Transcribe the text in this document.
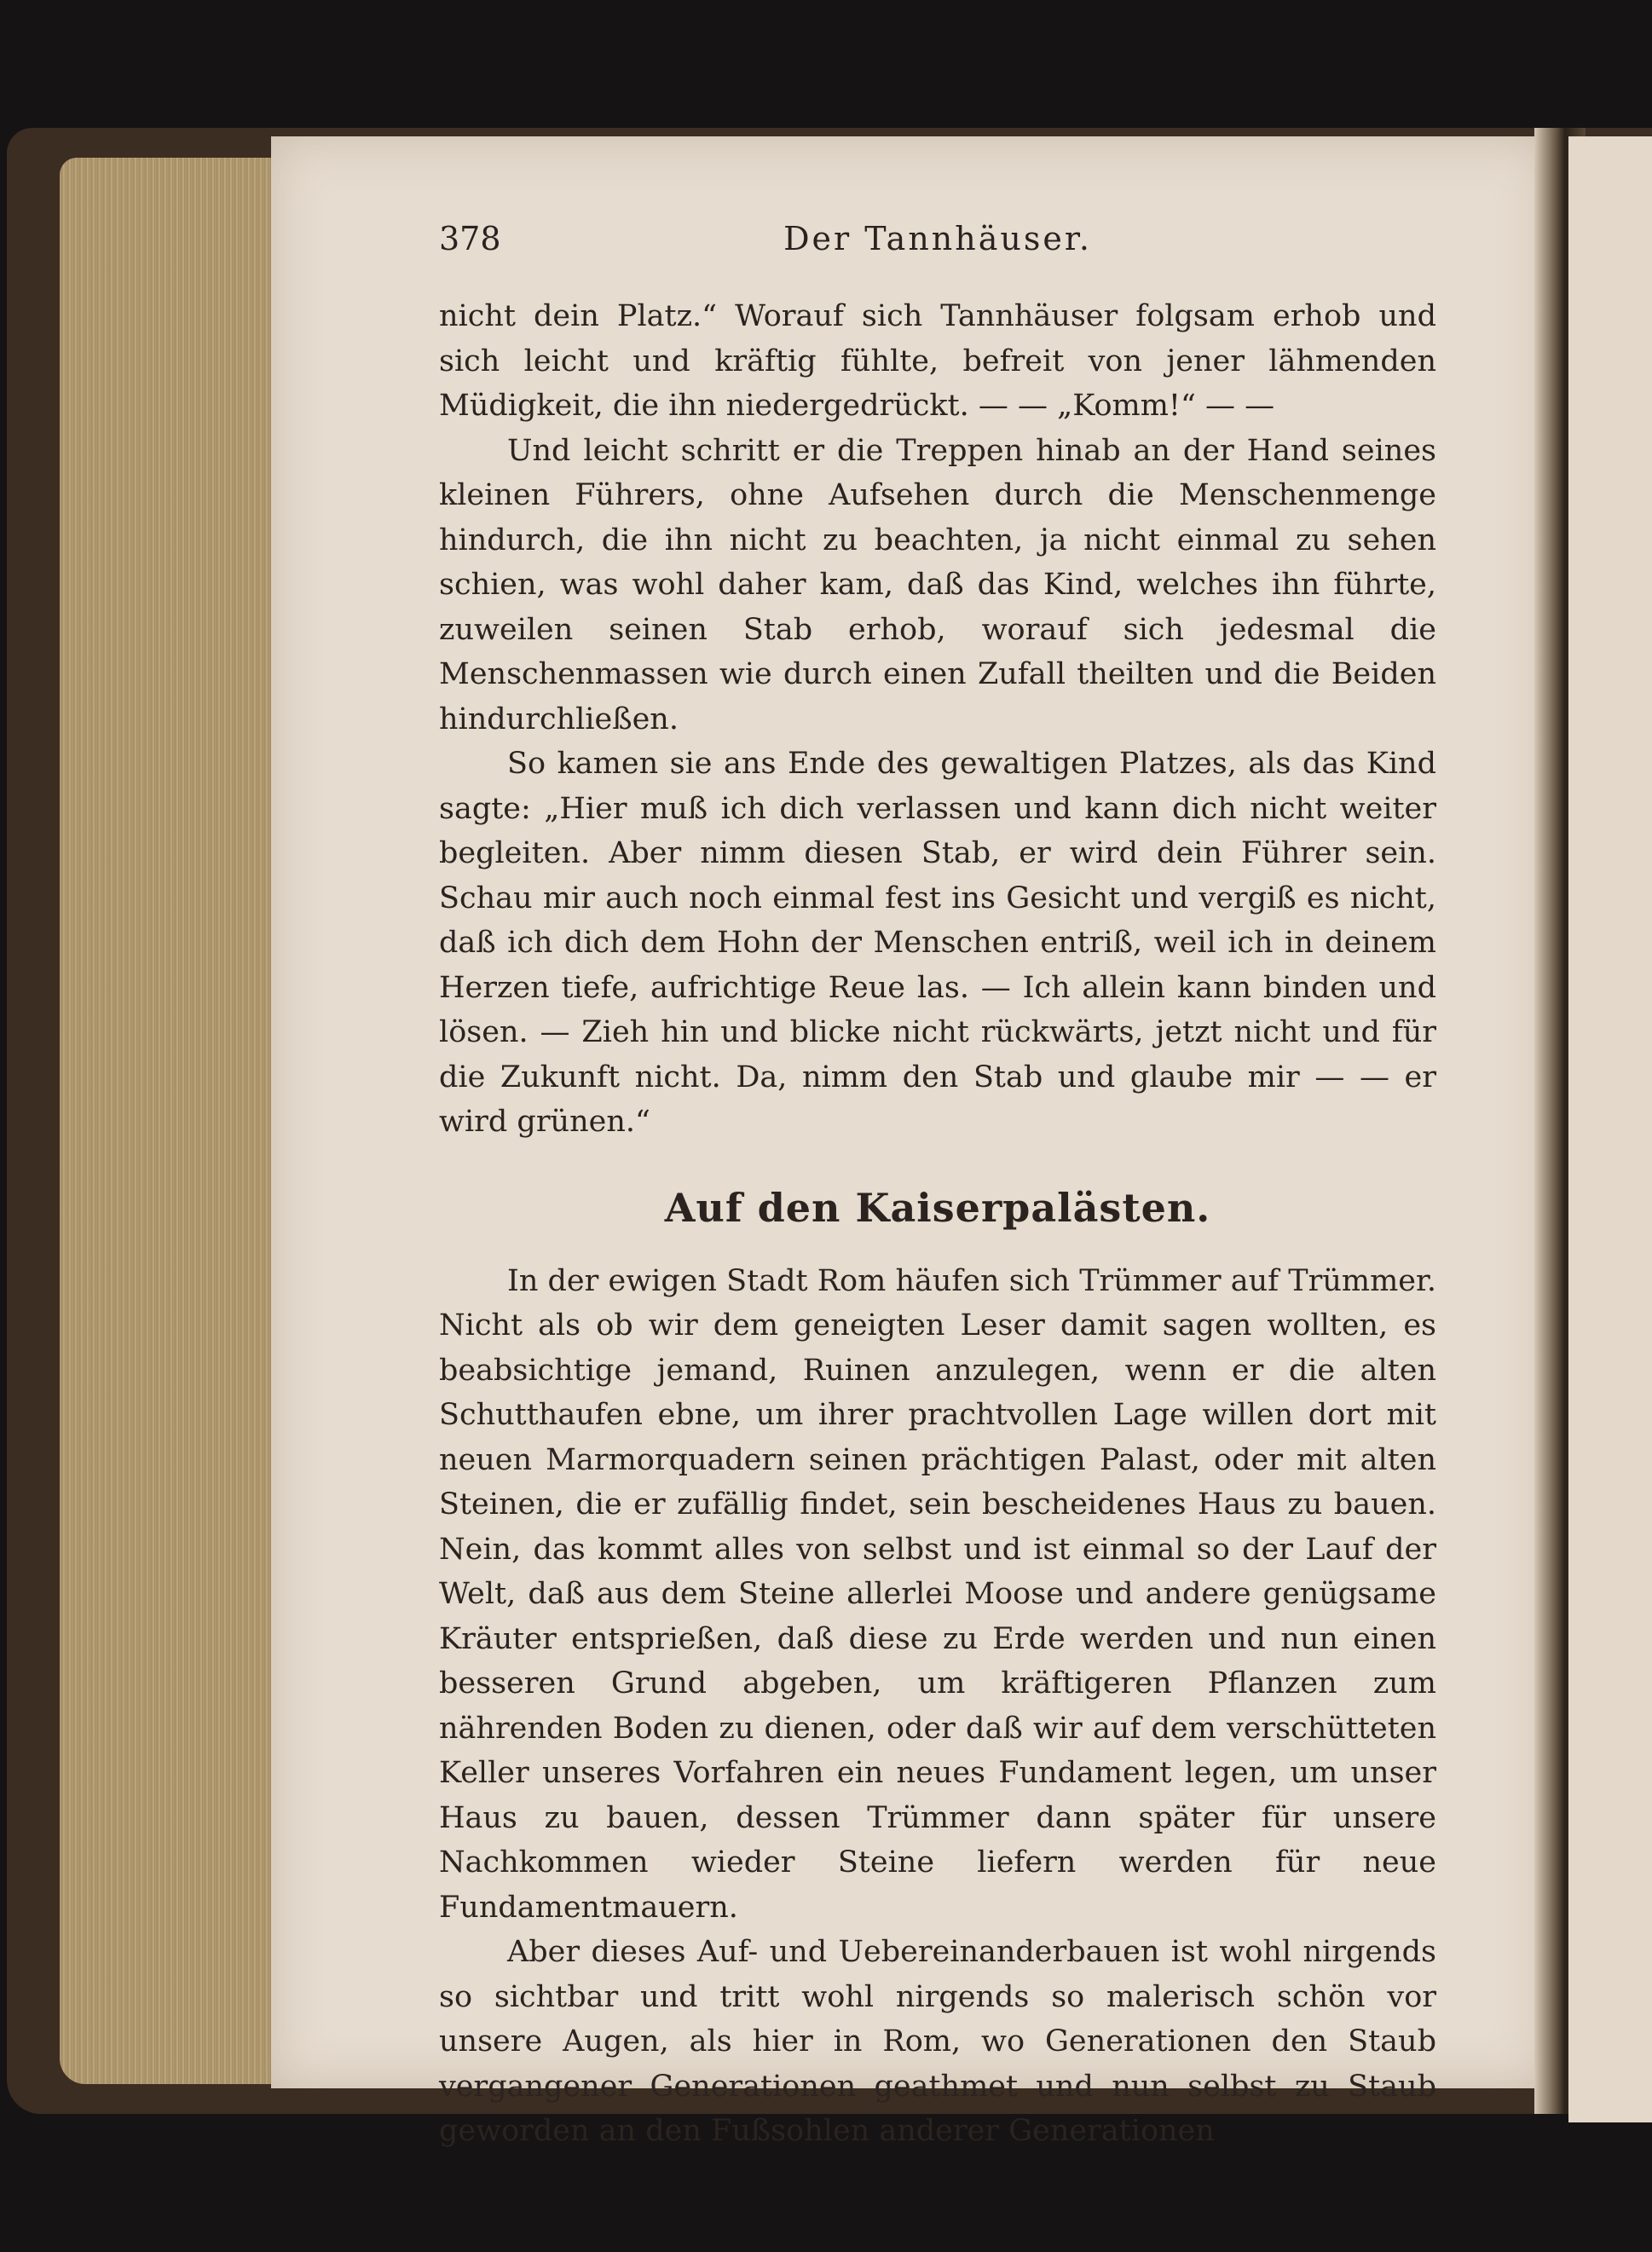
378	Der Tannhäuser.

nicht dein Platz.“ Worauf sich Tannhäuser folgsam erhob und sich leicht und kräftig fühlte, befreit von jener lähmenden Müdigkeit, die ihn niedergedrückt. — — „Komm!“ — —

Und leicht schritt er die Treppen hinab an der Hand seines kleinen Führers, ohne Aufsehen durch die Menschenmenge hindurch, die ihn nicht zu beachten, ja nicht einmal zu sehen schien, was wohl daher kam, daß das Kind, welches ihn führte, zuweilen seinen Stab erhob, worauf sich jedesmal die Menschenmassen wie durch einen Zufall theilten und die Beiden hindurchließen.

So kamen sie ans Ende des gewaltigen Platzes, als das Kind sagte: „Hier muß ich dich verlassen und kann dich nicht weiter begleiten. Aber nimm diesen Stab, er wird dein Führer sein. Schau mir auch noch einmal fest ins Gesicht und vergiß es nicht, daß ich dich dem Hohn der Menschen entriß, weil ich in deinem Herzen tiefe, aufrichtige Reue las. — Ich allein kann binden und lösen. — Zieh hin und blicke nicht rückwärts, jetzt nicht und für die Zukunft nicht. Da, nimm den Stab und glaube mir — — er wird grünen.“

Auf den Kaiserpalästen.

In der ewigen Stadt Rom häufen sich Trümmer auf Trümmer. Nicht als ob wir dem geneigten Leser damit sagen wollten, es beabsichtige jemand, Ruinen anzulegen, wenn er die alten Schutthaufen ebne, um ihrer prachtvollen Lage willen dort mit neuen Marmorquadern seinen prächtigen Palast, oder mit alten Steinen, die er zufällig findet, sein bescheidenes Haus zu bauen. Nein, das kommt alles von selbst und ist einmal so der Lauf der Welt, daß aus dem Steine allerlei Moose und andere genügsame Kräuter entsprießen, daß diese zu Erde werden und nun einen besseren Grund abgeben, um kräftigeren Pflanzen zum nährenden Boden zu dienen, oder daß wir auf dem verschütteten Keller unseres Vorfahren ein neues Fundament legen, um unser Haus zu bauen, dessen Trümmer dann später für unsere Nachkommen wieder Steine liefern werden für neue Fundamentmauern.

Aber dieses Auf- und Uebereinanderbauen ist wohl nirgends so sichtbar und tritt wohl nirgends so malerisch schön vor unsere Augen, als hier in Rom, wo Generationen den Staub vergangener Generationen geathmet und nun selbst zu Staub geworden an den Fußsohlen anderer Generationen
